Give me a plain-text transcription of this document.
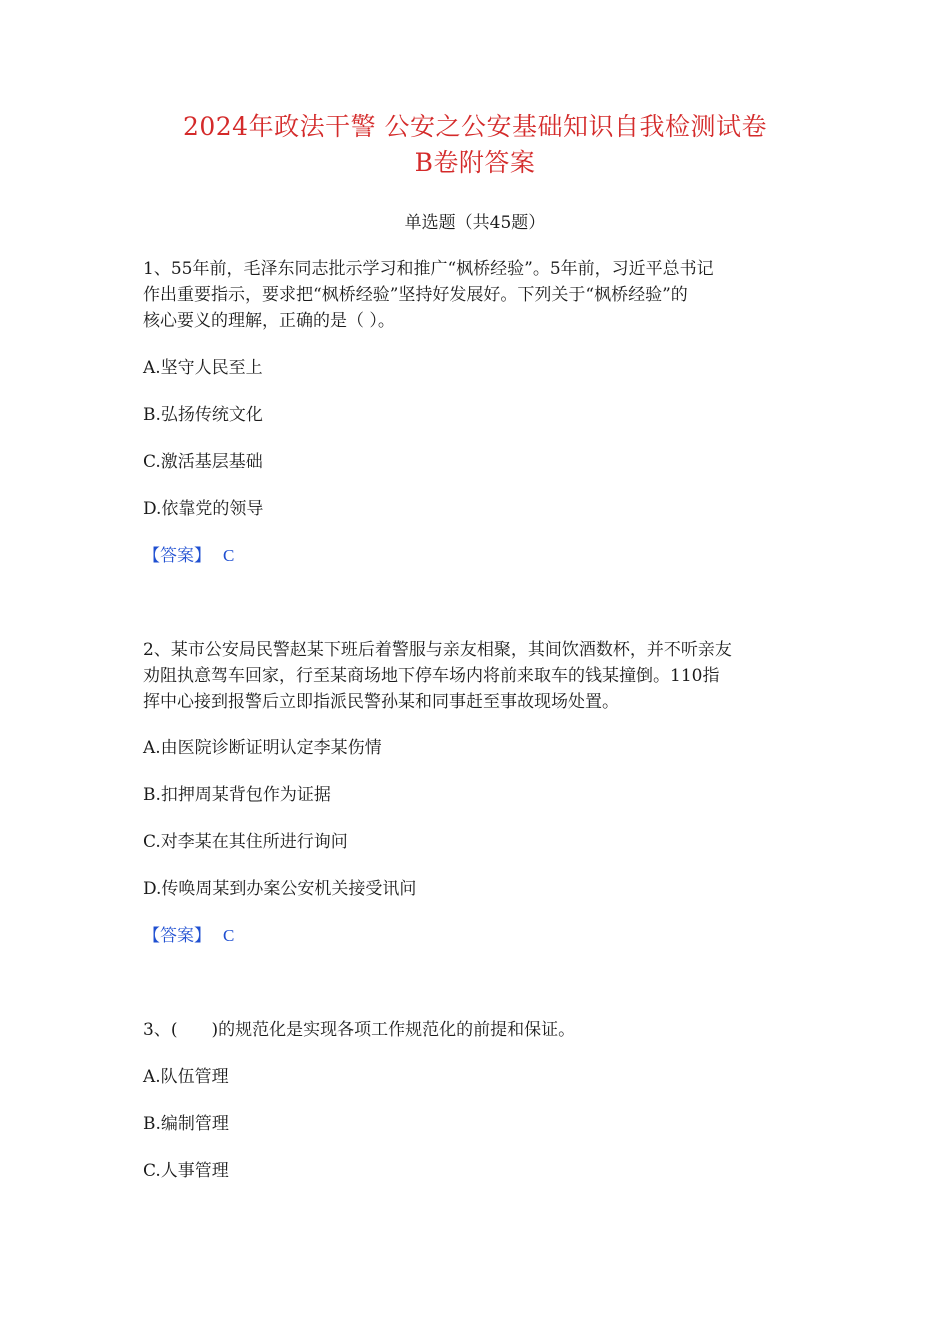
2024年政法干警 公安之公安基础知识自我检测试卷
B卷附答案
单选题（共45题）
1、55年前，毛泽东同志批示学习和推广“枫桥经验”。5年前，习近平总书记
作出重要指示，要求把“枫桥经验”坚持好发展好。下列关于“枫桥经验”的
核心要义的理解，正确的是（ ）。
A.坚守人民至上
B.弘扬传统文化
C.激活基层基础
D.依靠党的领导
【答案】 C
2、某市公安局民警赵某下班后着警服与亲友相聚，其间饮酒数杯，并不听亲友
劝阻执意驾车回家，行至某商场地下停车场内将前来取车的钱某撞倒。110指
挥中心接到报警后立即指派民警孙某和同事赶至事故现场处置。
A.由医院诊断证明认定李某伤情
B.扣押周某背包作为证据
C.对李某在其住所进行询问
D.传唤周某到办案公安机关接受讯问
【答案】 C
3、(　　)的规范化是实现各项工作规范化的前提和保证。
A.队伍管理
B.编制管理
C.人事管理
